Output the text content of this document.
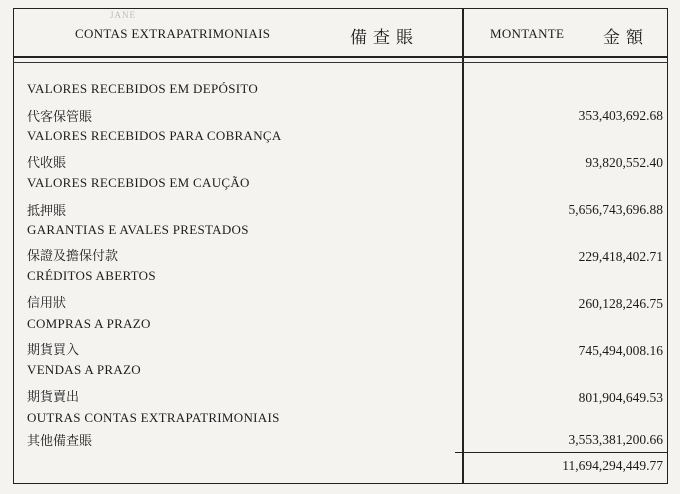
JANE
CONTAS EXTRAPATRIMONIAIS	備查賬	MONTANTE 金額
VALORES RECEBIDOS EM DEPÓSITO
代客保管賬	353,403,692.68
VALORES RECEBIDOS PARA COBRANÇA
代收賬	93,820,552.40
VALORES RECEBIDOS EM CAUÇÃO
抵押賬	5,656,743,696.88
GARANTIAS E AVALES PRESTADOS
保證及擔保付款	229,418,402.71
CRÉDITOS ABERTOS
信用狀	260,128,246.75
COMPRAS A PRAZO
期貨買入	745,494,008.16
VENDAS A PRAZO
期貨賣出	801,904,649.53
OUTRAS CONTAS EXTRAPATRIMONIAIS
其他備查賬	3,553,381,200.66
11,694,294,449.77
